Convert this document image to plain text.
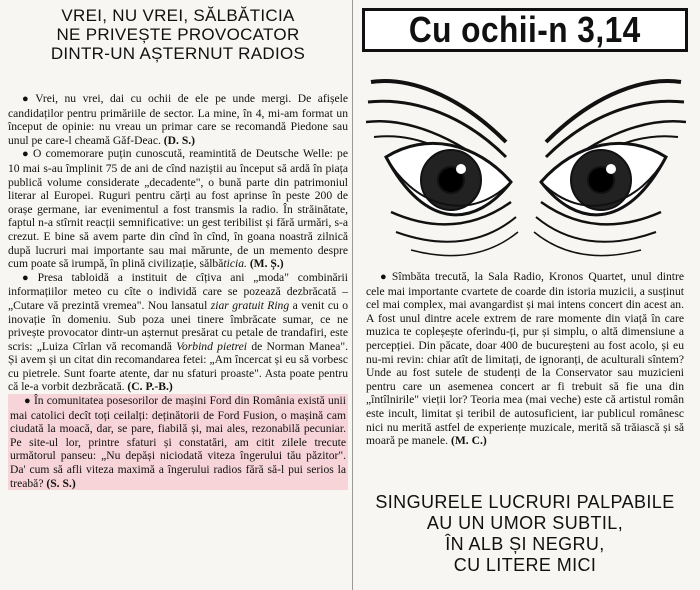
VREI, NU VREI, SĂLBĂTICIA
NE PRIVEȘTE PROVOCATOR
DINTR-UN AȘTERNUT RADIOS

● Vrei, nu vrei, dai cu ochii de ele pe unde mergi. De afișele candidaților pentru primăriile de sector. La mine, în 4, mi-am format un început de opinie: nu vreau un primar care se recomandă Piedone sau unul pe care-l cheamă Găf-Deac. (D. S.)

● O comemorare puțin cunoscută, reamintită de Deutsche Welle: pe 10 mai s-au împlinit 75 de ani de cînd naziștii au început să ardă în piața publică volume considerate „decadente", o bună parte din patrimoniul literar al Europei. Ruguri pentru cărți au fost aprinse în peste 200 de orașe germane, iar evenimentul a fost transmis la radio. În străinătate, faptul n-a stîrnit reacții semnificative: un gest teribilist și fără urmări, s-a crezut. E bine să avem parte din cînd în cînd, în goana noastră zilnică după lucruri mai importante sau mai mărunte, de un memento despre cum poate să irumpă, în plină civilizație, sălbăticia. (M. Ș.)

● Presa tabloidă a instituit de cîțiva ani „moda" combinării informațiilor meteo cu cîte o individă care se pozează dezbrăcată – „Cutare vă prezintă vremea". Nou lansatul ziar gratuit Ring a venit cu o inovație în domeniu. Sub poza unei tinere îmbrăcate sumar, ce ne privește provocator dintr-un așternut presărat cu petale de trandafiri, este scris: „Luiza Cîrlan vă recomandă Vorbind pietrei de Norman Manea". Și avem și un citat din recomandarea fetei: „Am încercat și eu să vorbesc cu pietrele. Sunt foarte atente, dar nu sfaturi proaste". Asta poate pentru că le-a vorbit dezbrăcată. (C. P.-B.)

● În comunitatea posesorilor de mașini Ford din România există unii mai catolici decît toți ceilalți: deținătorii de Ford Fusion, o mașină cam ciudată la moacă, dar, se pare, fiabilă și, mai ales, rezonabilă pecuniar. Pe site-ul lor, printre sfaturi și constatări, am citit zilele trecute următorul panseu: „Nu depăși niciodată viteza îngerului tău păzitor". Da' cum să afli viteza maximă a îngerului radios fără să-l pui serios la treabă? (S. S.)

Cu ochii-n 3,14

● Sîmbăta trecută, la Sala Radio, Kronos Quartet, unul dintre cele mai importante cvartete de coarde din istoria muzicii, a susținut cel mai complex, mai avangardist și mai intens concert din acest an. A fost unul dintre acele extrem de rare momente din viață în care muzica te copleșește oferindu-ți, pur și simplu, o altă dimensiune a percepției. Din păcate, doar 400 de bucureșteni au fost acolo, și eu nu-mi revin: chiar atît de limitați, de ignoranți, de aculturali sîntem? Unde au fost sutele de studenți de la Conservator sau muzicieni pentru care un asemenea concert ar fi trebuit să fie una din „întîlnirile" vieții lor? Teoria mea (mai veche) este că artistul român este incult, limitat și teribil de autosuficient, iar publicul românesc nici nu merită astfel de experiențe muzicale, merită să trăiască și să moară pe manele. (M. C.)

SINGURELE LUCRURI PALPABILE
AU UN UMOR SUBTIL,
ÎN ALB ȘI NEGRU,
CU LITERE MICI
